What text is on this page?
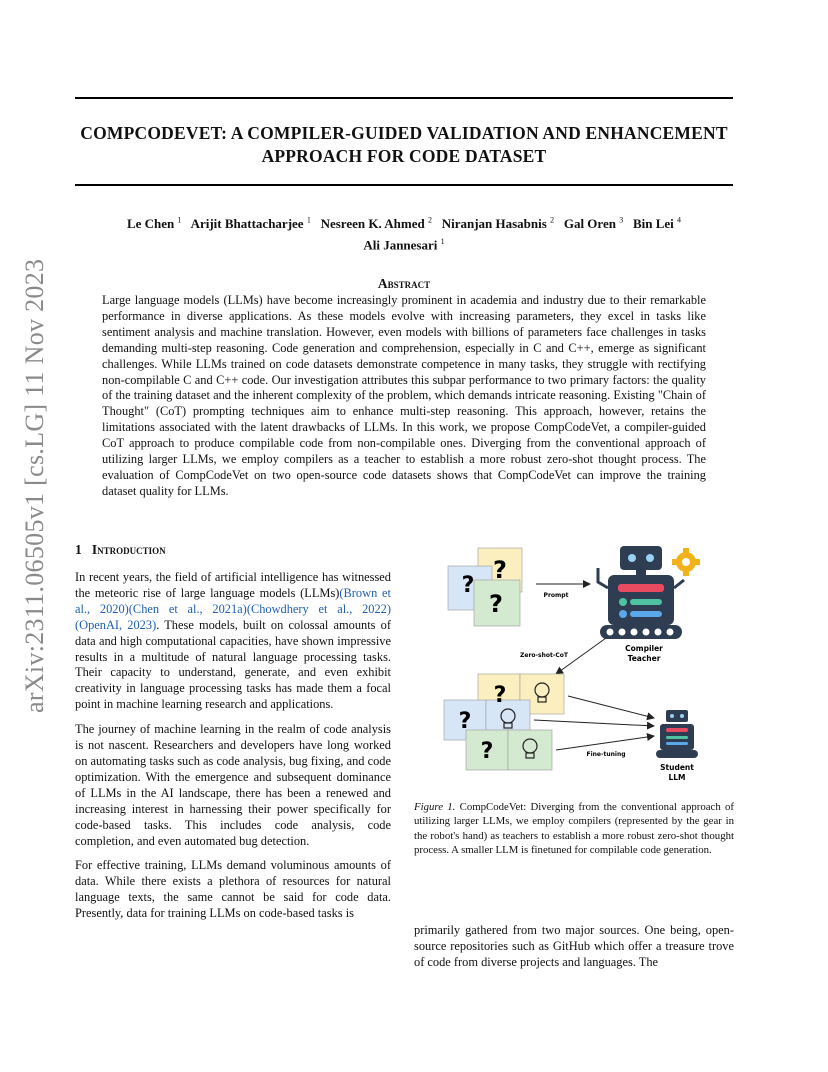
COMPCODEVET: A COMPILER-GUIDED VALIDATION AND ENHANCEMENT
APPROACH FOR CODE DATASET
Le Chen $^1$ Arijit Bhattacharjee $^1$ Nesreen K. Ahmed $^2$ Niranjan Hasabnis $^2$ Gal Oren $^3$ Bin Lei $^4$
Ali Jannesari $^1$
arXiv:2311.06505v1 [cs.LG] 11 Nov 2023	Abstract
Large language models (LLMs) have become increasingly prominent in academia and industry due to their remarkable performance in diverse applications. As these models evolve with increasing parameters, they excel in tasks like sentiment analysis and machine translation. However, even models with billions of parameters face challenges in tasks demanding multi-step reasoning. Code generation and comprehension, especially in C and C++, emerge as significant challenges. While LLMs trained on code datasets demonstrate competence in many tasks, they struggle with rectifying non-compilable C and C++ code. Our investigation attributes this subpar performance to two primary factors: the quality of the training dataset and the inherent complexity of the problem, which demands intricate reasoning. Existing "Chain of Thought" (CoT) prompting techniques aim to enhance multi-step reasoning. This approach, however, retains the limitations associated with the latent drawbacks of LLMs. In this work, we propose CompCodeVet, a compiler-guided CoT approach to produce compilable code from non-compilable ones. Diverging from the conventional approach of utilizing larger LLMs, we employ compilers as a teacher to establish a more robust zero-shot thought process. The evaluation of CompCodeVet on two open-source code datasets shows that CompCodeVet can improve the training dataset quality for LLMs.
1 Introduction

In recent years, the field of artificial intelligence has witnessed the meteoric rise of large language models (LLMs)(Brown et al., 2020)(Chen et al., 2021a)(Chowdhery et al., 2022)(OpenAI, 2023). These models, built on colossal amounts of data and high computational capacities, have shown impressive results in a multitude of natural language processing tasks. Their capacity to understand, generate, and even exhibit creativity in language processing tasks has made them a focal point in machine learning research and applications.

The journey of machine learning in the realm of code analysis is not nascent. Researchers and developers have long worked on automating tasks such as code analysis, bug fixing, and code optimization. With the emergence and subsequent dominance of LLMs in the AI landscape, there has been a renewed and increasing interest in harnessing their power specifically for code-based tasks. This includes code analysis, code completion, and even automated bug detection.

For effective training, LLMs demand voluminous amounts of data. While there exists a plethora of resources for natural language texts, the same cannot be said for code data. Presently, data for training LLMs on code-based tasks is

?
?
?	Prompt
Compiler
Teacher
Zero-shot-CoT
?
?
?	Fine-tuning
Student
LLM
Figure 1. CompCodeVet: Diverging from the conventional approach of utilizing larger LLMs, we employ compilers (represented by the gear in the robot's hand) as teachers to establish a more robust zero-shot thought process. A smaller LLM is finetuned for compilable code generation.
primarily gathered from two major sources. One being, open-source repositories such as GitHub which offer a treasure trove of code from diverse projects and languages. The
